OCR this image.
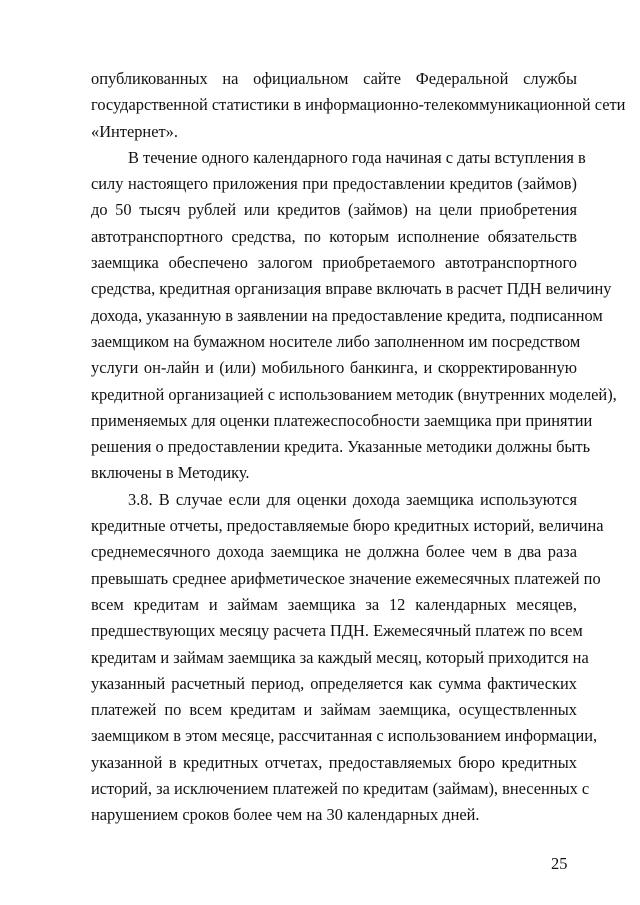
опубликованных на официальном сайте Федеральной службы
государственной статистики в информационно-телекоммуникационной сети
«Интернет».

В течение одного календарного года начиная с даты вступления в
силу настоящего приложения при предоставлении кредитов (займов)
до 50 тысяч рублей или кредитов (займов) на цели приобретения
автотранспортного средства, по которым исполнение обязательств
заемщика обеспечено залогом приобретаемого автотранспортного
средства, кредитная организация вправе включать в расчет ПДН величину
дохода, указанную в заявлении на предоставление кредита, подписанном
заемщиком на бумажном носителе либо заполненном им посредством
услуги он-лайн и (или) мобильного банкинга, и скорректированную
кредитной организацией с использованием методик (внутренних моделей),
применяемых для оценки платежеспособности заемщика при принятии
решения о предоставлении кредита. Указанные методики должны быть
включены в Методику.

3.8. В случае если для оценки дохода заемщика используются
кредитные отчеты, предоставляемые бюро кредитных историй, величина
среднемесячного дохода заемщика не должна более чем в два раза
превышать среднее арифметическое значение ежемесячных платежей по
всем кредитам и займам заемщика за 12 календарных месяцев,
предшествующих месяцу расчета ПДН. Ежемесячный платеж по всем
кредитам и займам заемщика за каждый месяц, который приходится на
указанный расчетный период, определяется как сумма фактических
платежей по всем кредитам и займам заемщика, осуществленных
заемщиком в этом месяце, рассчитанная с использованием информации,
указанной в кредитных отчетах, предоставляемых бюро кредитных
историй, за исключением платежей по кредитам (займам), внесенных с
нарушением сроков более чем на 30 календарных дней.

25
